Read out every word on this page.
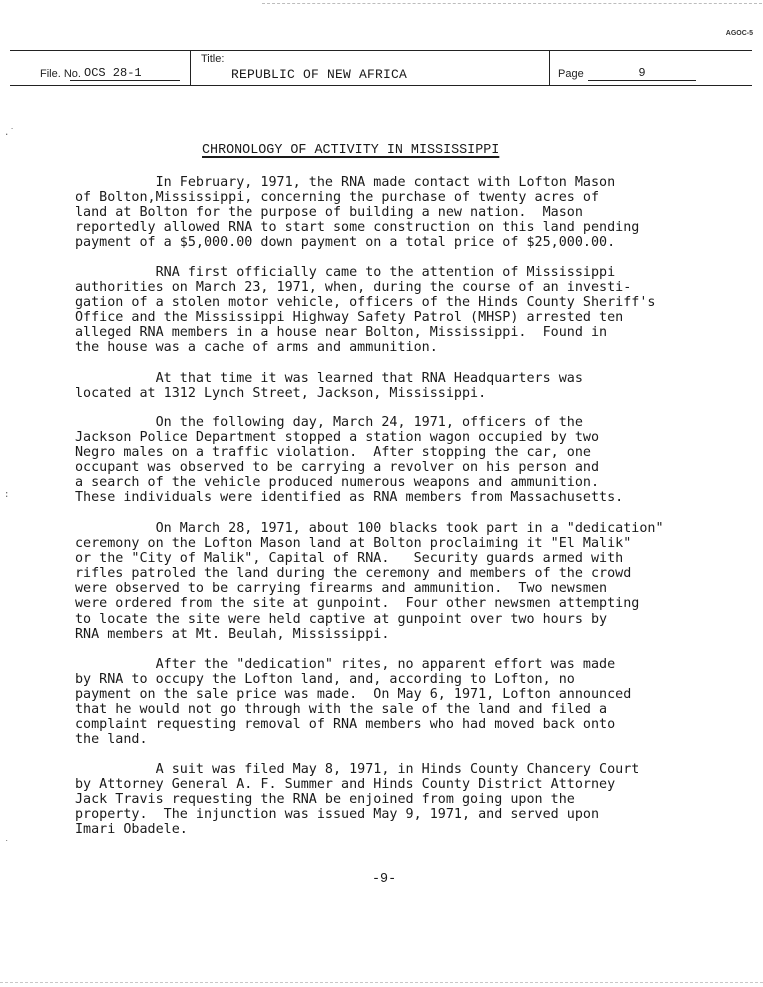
AGOC-5
File. No. OCS 28-1
Title:
REPUBLIC OF NEW AFRICA	Page	9
CHRONOLOGY OF ACTIVITY IN MISSISSIPPI
In February, 1971, the RNA made contact with Lofton Mason
of Bolton,Mississippi, concerning the purchase of twenty acres of
land at Bolton for the purpose of building a new nation.  Mason
reportedly allowed RNA to start some construction on this land pending
payment of a $5,000.00 down payment on a total price of $25,000.00.
RNA first officially came to the attention of Mississippi
authorities on March 23, 1971, when, during the course of an investi-
gation of a stolen motor vehicle, officers of the Hinds County Sheriff's
Office and the Mississippi Highway Safety Patrol (MHSP) arrested ten
alleged RNA members in a house near Bolton, Mississippi.  Found in
the house was a cache of arms and ammunition.
At that time it was learned that RNA Headquarters was
located at 1312 Lynch Street, Jackson, Mississippi.
On the following day, March 24, 1971, officers of the
Jackson Police Department stopped a station wagon occupied by two
Negro males on a traffic violation.  After stopping the car, one
occupant was observed to be carrying a revolver on his person and
a search of the vehicle produced numerous weapons and ammunition.
These individuals were identified as RNA members from Massachusetts.
On March 28, 1971, about 100 blacks took part in a "dedication"
ceremony on the Lofton Mason land at Bolton proclaiming it "El Malik"
or the "City of Malik", Capital of RNA.   Security guards armed with
rifles patroled the land during the ceremony and members of the crowd
were observed to be carrying firearms and ammunition.  Two newsmen
were ordered from the site at gunpoint.  Four other newsmen attempting
to locate the site were held captive at gunpoint over two hours by
RNA members at Mt. Beulah, Mississippi.
After the "dedication" rites, no apparent effort was made
by RNA to occupy the Lofton land, and, according to Lofton, no
payment on the sale price was made.  On May 6, 1971, Lofton announced
that he would not go through with the sale of the land and filed a
complaint requesting removal of RNA members who had moved back onto
the land.
A suit was filed May 8, 1971, in Hinds County Chancery Court
by Attorney General A. F. Summer and Hinds County District Attorney
Jack Travis requesting the RNA be enjoined from going upon the
property.  The injunction was issued May 9, 1971, and served upon
Imari Obadele.
-9-
.˙
:
˙
